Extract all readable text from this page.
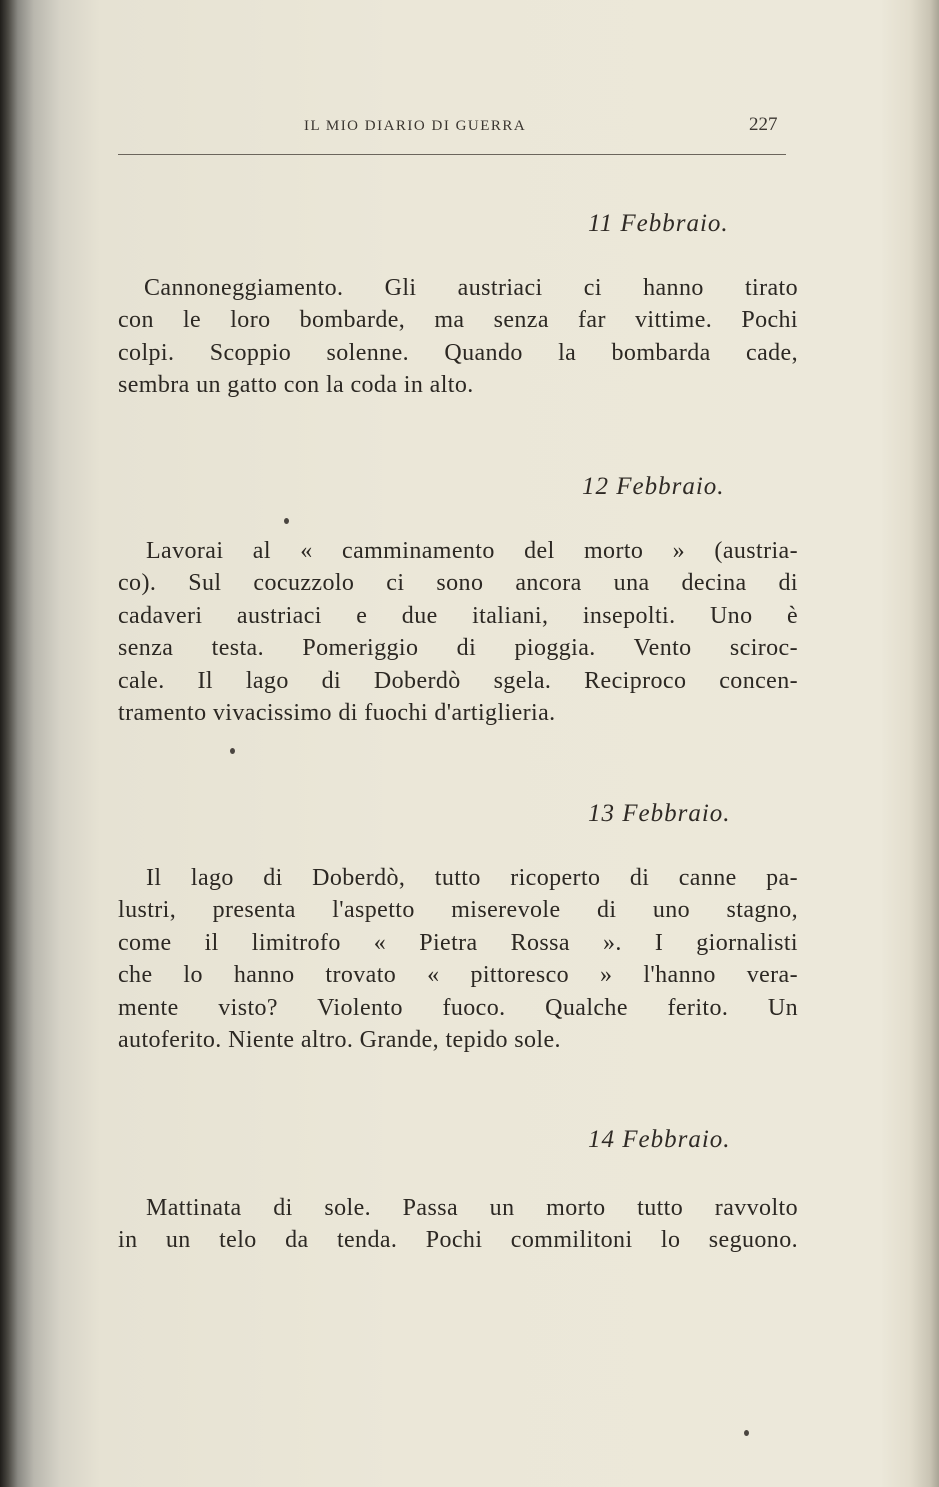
IL MIO DIARIO DI GUERRA	227
11 Febbraio.
Cannoneggiamento. Gli austriaci ci hanno tirato
con le loro bombarde, ma senza far vittime. Pochi
colpi. Scoppio solenne. Quando la bombarda cade,
sembra un gatto con la coda in alto.
12 Febbraio.
Lavorai al « camminamento del morto » (austria-
co). Sul cocuzzolo ci sono ancora una decina di
cadaveri austriaci e due italiani, insepolti. Uno è
senza testa. Pomeriggio di pioggia. Vento sciroc-
cale. Il lago di Doberdò sgela. Reciproco concen-
tramento vivacissimo di fuochi d'artiglieria.
13 Febbraio.
Il lago di Doberdò, tutto ricoperto di canne pa-
lustri, presenta l'aspetto miserevole di uno stagno,
come il limitrofo « Pietra Rossa ». I giornalisti
che lo hanno trovato « pittoresco » l'hanno vera-
mente visto? Violento fuoco. Qualche ferito. Un
autoferito. Niente altro. Grande, tepido sole.
14 Febbraio.
Mattinata di sole. Passa un morto tutto ravvolto
in un telo da tenda. Pochi commilitoni lo seguono.
